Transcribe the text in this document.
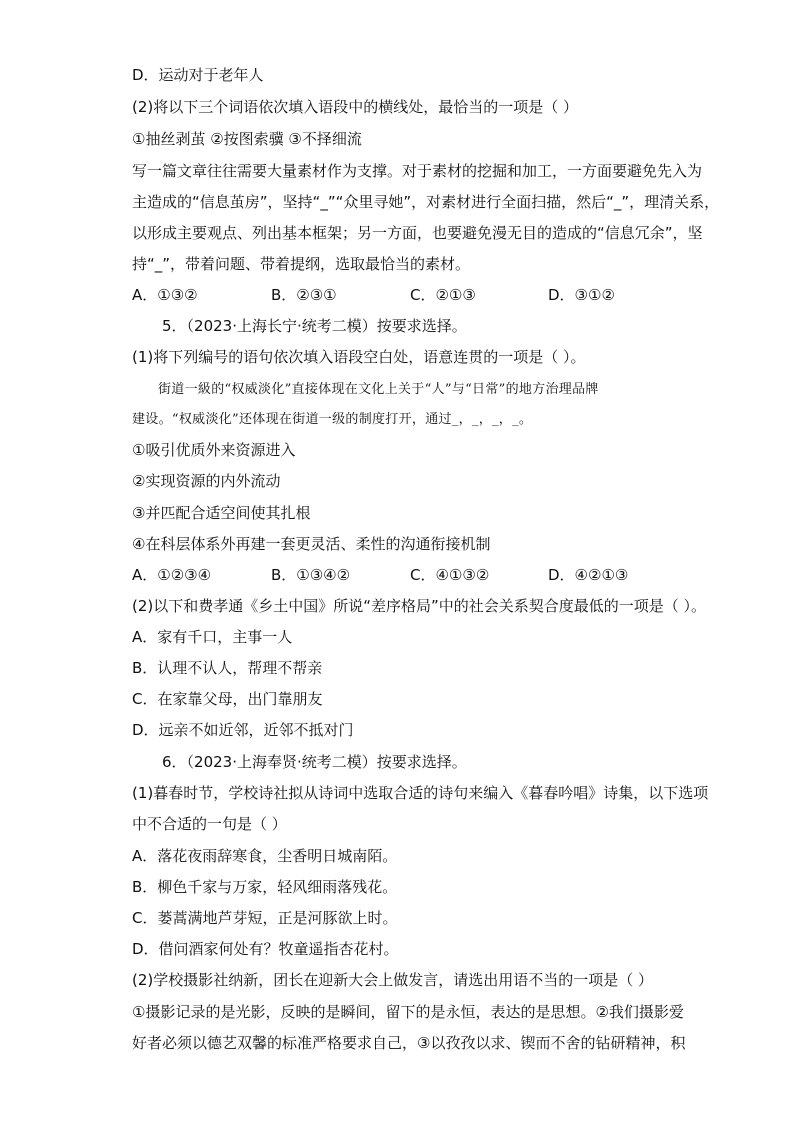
D．运动对于老年人
(2)将以下三个词语依次填入语段中的横线处，最恰当的一项是（ ）
①抽丝剥茧 ②按图索骥 ③不择细流
写一篇文章往往需要大量素材作为支撑。对于素材的挖掘和加工，一方面要避免先入为
主造成的“信息茧房”，坚持“_”“众里寻她”，对素材进行全面扫描，然后“_”，理清关系，
以形成主要观点、列出基本框架；另一方面，也要避免漫无目的造成的“信息冗余”，坚
持“_”，带着问题、带着提纲，选取最恰当的素材。
A．①③②	B．②③①	C．②①③	D．③①②
5．（2023·上海长宁·统考二模）按要求选择。
(1)将下列编号的语句依次填入语段空白处，语意连贯的一项是（ ）。
街道一級的“权威淡化”直接体现在文化上关于“人”与“日常”的地方治理品牌
建设。“权威淡化”还体现在街道一级的制度打开，通过_，_，_，_。
①吸引优质外来资源进入
②实现资源的内外流动
③并匹配合适空间使其扎根
④在科层体系外再建一套更灵活、柔性的沟通衔接机制
A．①②③④	B．①③④②	C．④①③②	D．④②①③
(2)以下和费孝通《乡土中国》所说“差序格局”中的社会关系契合度最低的一项是（ ）。
A．家有千口，主事一人
B．认理不认人，帮理不帮亲
C．在家靠父母，出门靠朋友
D．远亲不如近邻，近邻不抵对门
6．（2023·上海奉贤·统考二模）按要求选择。
(1)暮春时节，学校诗社拟从诗词中选取合适的诗句来编入《暮春吟唱》诗集，以下选项
中不合适的一句是（ ）
A．落花夜雨辞寒食，尘香明日城南陌。
B．柳色千家与万家，轻风细雨落残花。
C．蒌蒿满地芦芽短，正是河豚欲上时。
D．借问酒家何处有？牧童遥指杏花村。
(2)学校摄影社纳新，团长在迎新大会上做发言，请选出用语不当的一项是（ ）
①摄影记录的是光影，反映的是瞬间，留下的是永恒，表达的是思想。②我们摄影爱
好者必须以德艺双馨的标准严格要求自己，③以孜孜以求、锲而不舍的钻研精神，积
